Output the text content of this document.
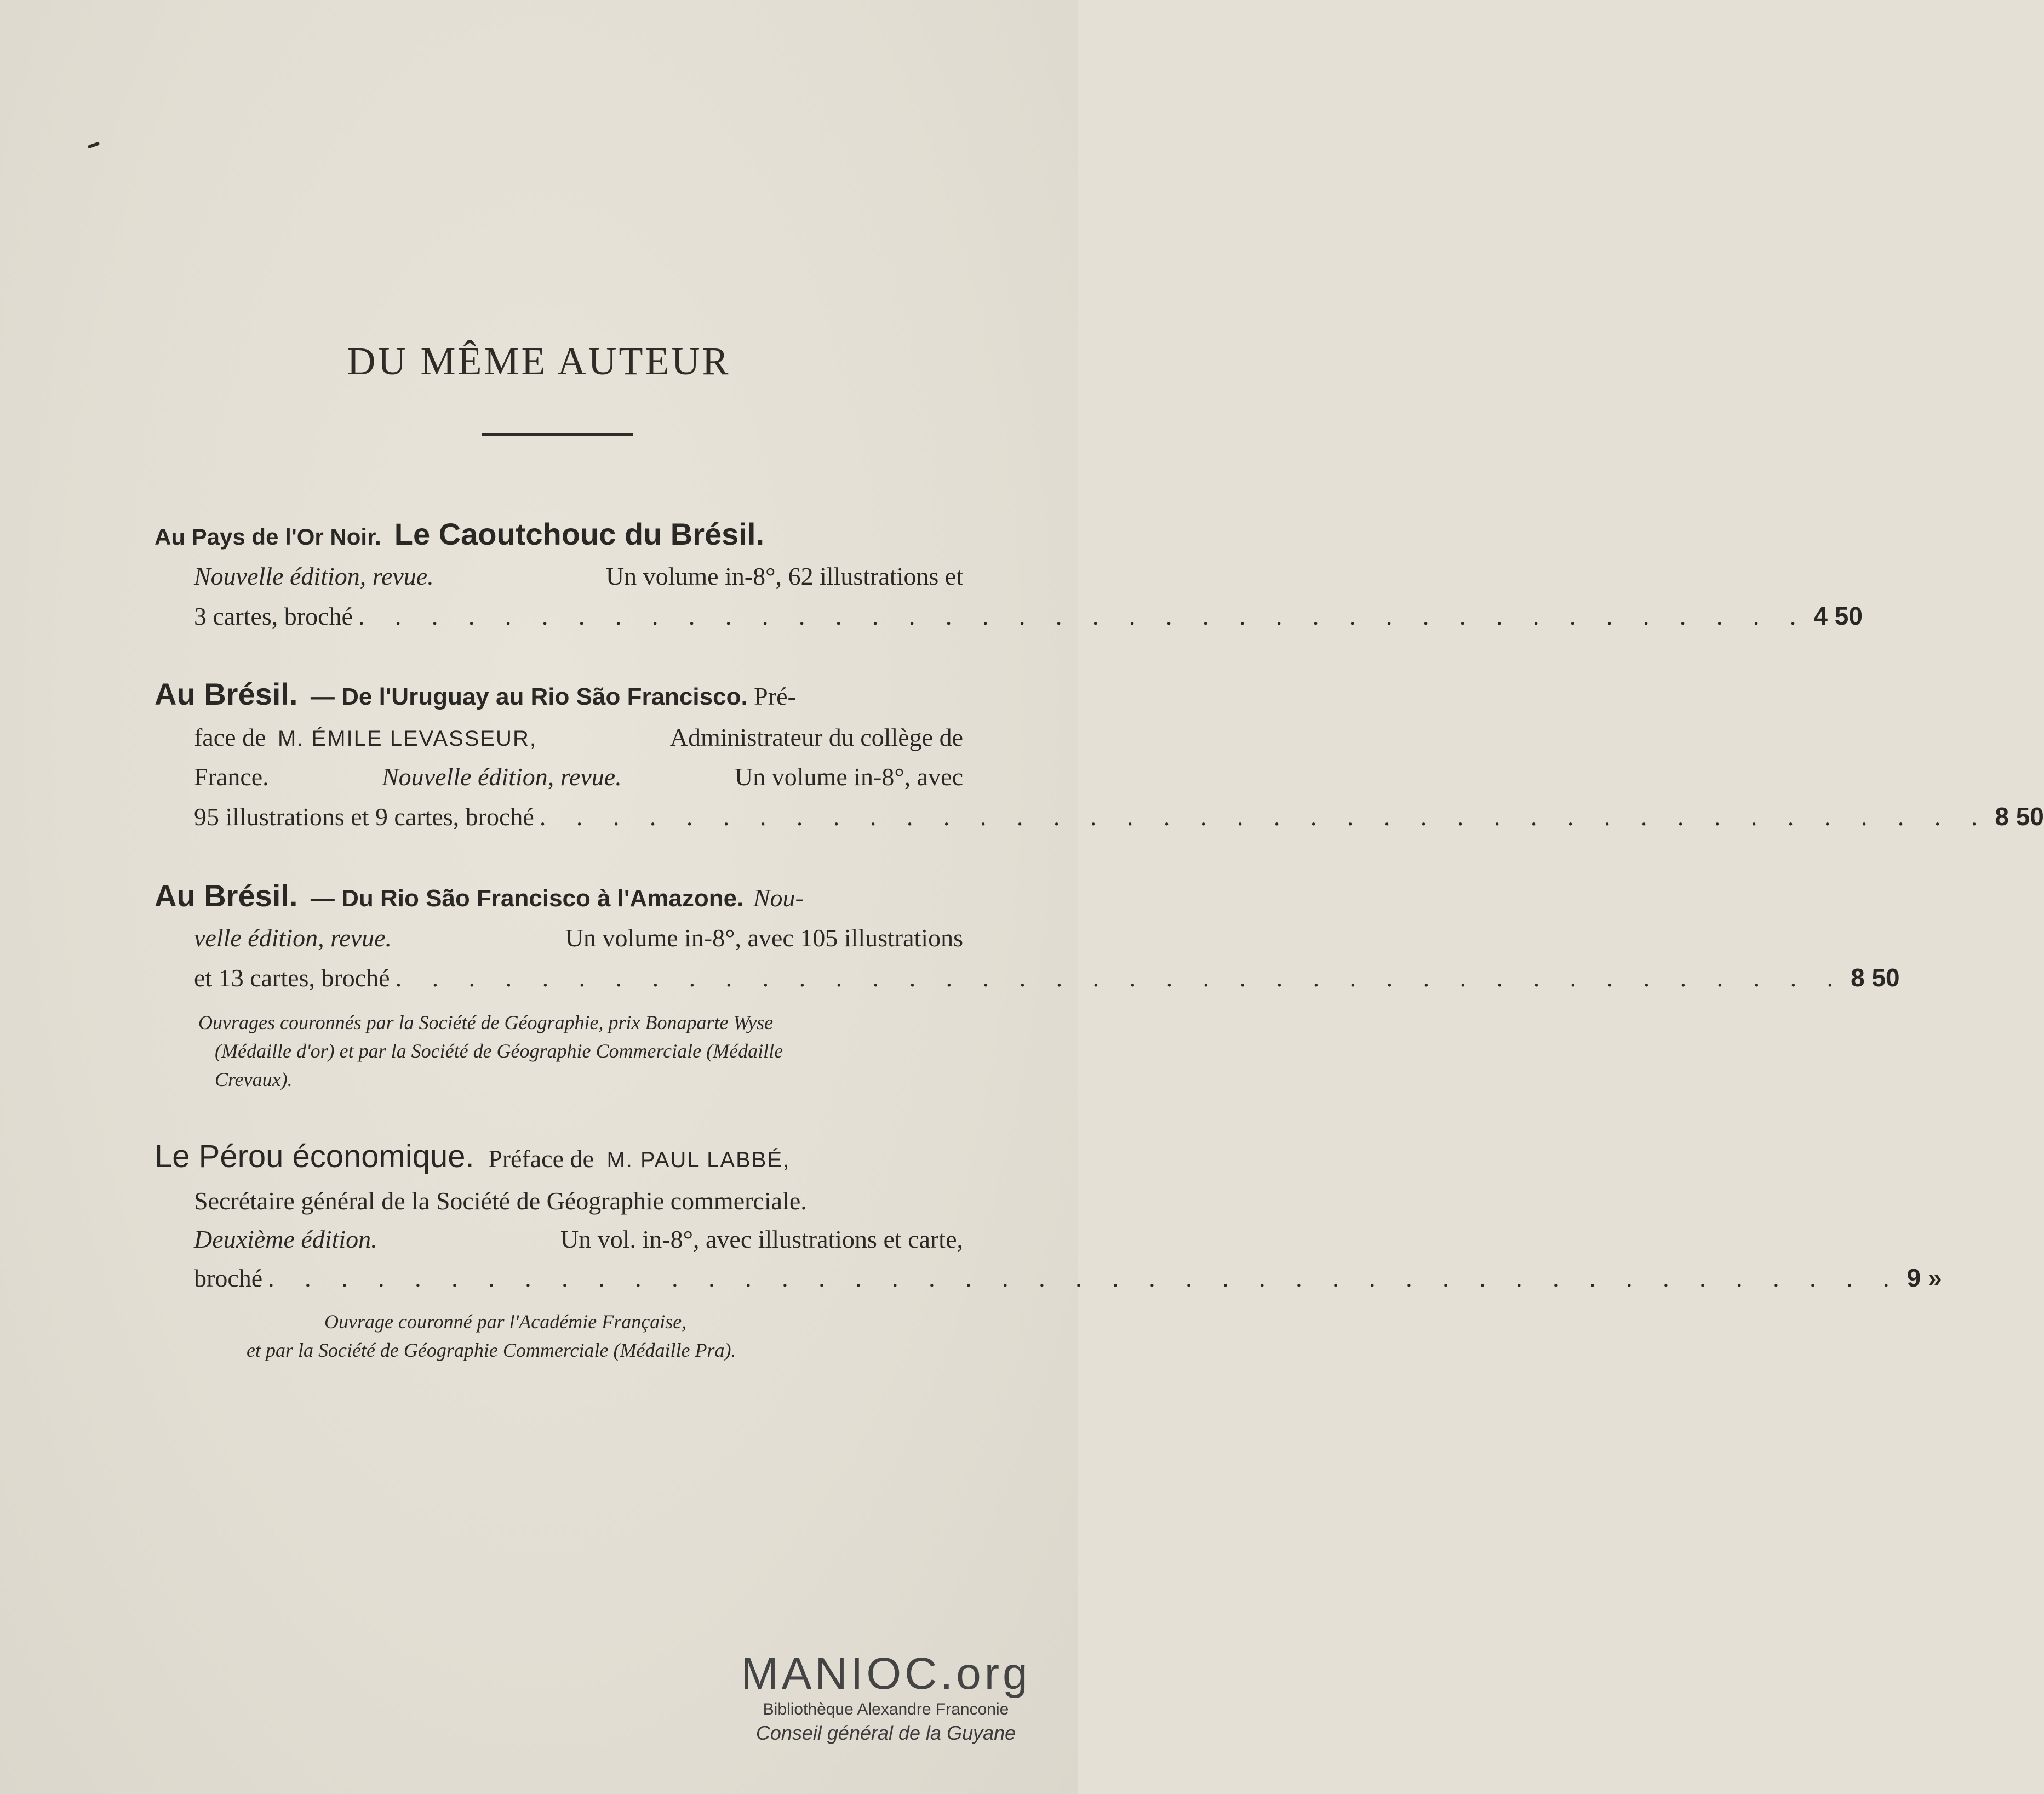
DU MÊME AUTEUR
Au Pays de l'Or Noir. Le Caoutchouc du Brésil.
Nouvelle édition, revue.	Un volume in-8°, 62 illustrations et
3 cartes, broché . . . . . . . . . . . . . . . . . . . . . . . . . . . . . . . . . . . . . . . . 4 50
Au Brésil. — De l'Uruguay au Rio São Francisco. Pré-
face de M. ÉMILE LEVASSEUR,	Administrateur du collège de
France.	Nouvelle édition, revue.	Un volume in-8°, avec
95 illustrations et 9 cartes, broché . . . . . . . . . . . . . . . . . . . . . . . . . . . . . . . . . . . . . . . . 8 50
Au Brésil. — Du Rio São Francisco à l'Amazone. Nou-
velle édition, revue.	Un volume in-8°, avec 105 illustrations
et 13 cartes, broché . . . . . . . . . . . . . . . . . . . . . . . . . . . . . . . . . . . . . . . . 8 50
Ouvrages couronnés par la Société de Géographie, prix Bonaparte Wyse
(Médaille d'or) et par la Société de Géographie Commerciale (Médaille
Crevaux).
Le Pérou économique. Préface de M. PAUL LABBÉ,
Secrétaire général de la Société de Géographie commerciale.
Deuxième édition.	Un vol. in-8°, avec illustrations et carte,
broché . . . . . . . . . . . . . . . . . . . . . . . . . . . . . . . . . . . . . . . . . . . . . 9 »
Ouvrage couronné par l'Académie Française,
et par la Société de Géographie Commerciale (Médaille Pra).
MANIOC.org
Bibliothèque Alexandre Franconie
Conseil général de la Guyane
